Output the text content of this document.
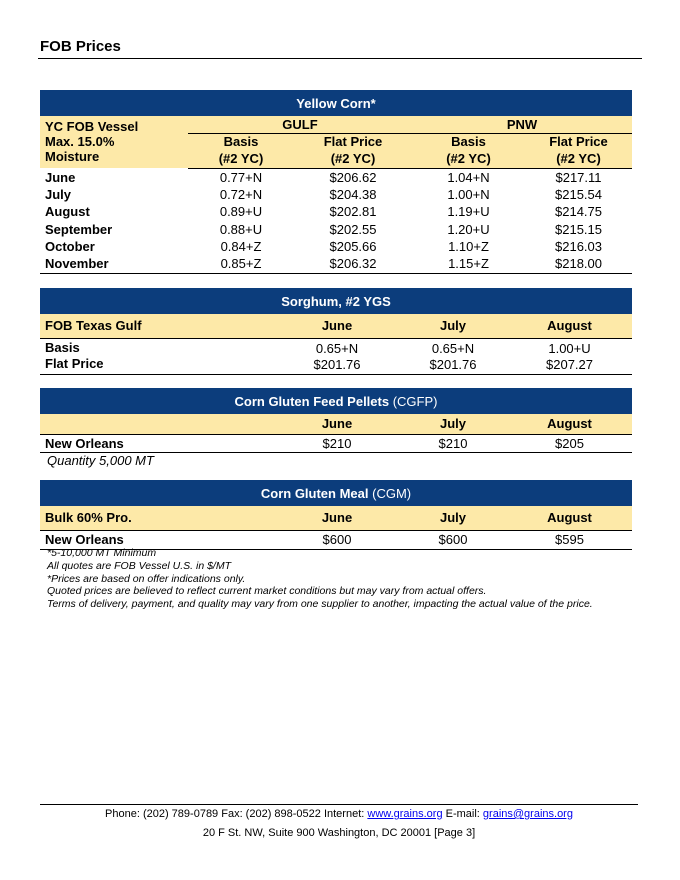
FOB Prices
Yellow Corn*				

YC FOB Vessel
Max. 15.0%
Moisture	GULF		PNW	
	Basis	Flat Price	Basis	Flat Price
	(#2 YC)	(#2 YC)	(#2 YC)	(#2 YC)
June	0.77+N	$206.62	1.04+N	$217.11
July	0.72+N	$204.38	1.00+N	$215.54
August	0.89+U	$202.81	1.19+U	$214.75
September	0.88+U	$202.55	1.20+U	$215.15
October	0.84+Z	$205.66	1.10+Z	$216.03
November	0.85+Z	$206.32	1.15+Z	$218.00
Sorghum, #2 YGS			
FOB Texas Gulf	June	July	August
Basis	0.65+N	0.65+N	1.00+U
Flat Price	$201.76	$201.76	$207.27
Corn Gluten Feed Pellets (CGFP)			
	June	July	August
New Orleans	$210	$210	$205
Quantity 5,000 MT			
Corn Gluten Meal (CGM)			
Bulk 60% Pro.	June	July	August
New Orleans	$600	$600	$595
*5-10,000 MT Minimum
All quotes are FOB Vessel U.S. in $/MT
*Prices are based on offer indications only.
Quoted prices are believed to reflect current market conditions but may vary from actual offers.
Terms of delivery, payment, and quality may vary from one supplier to another, impacting the actual value of the price.
Phone: (202) 789-0789 Fax: (202) 898-0522 Internet: www.grains.org E-mail: grains@grains.org
20 F St. NW, Suite 900 Washington, DC 20001 [Page 3]
